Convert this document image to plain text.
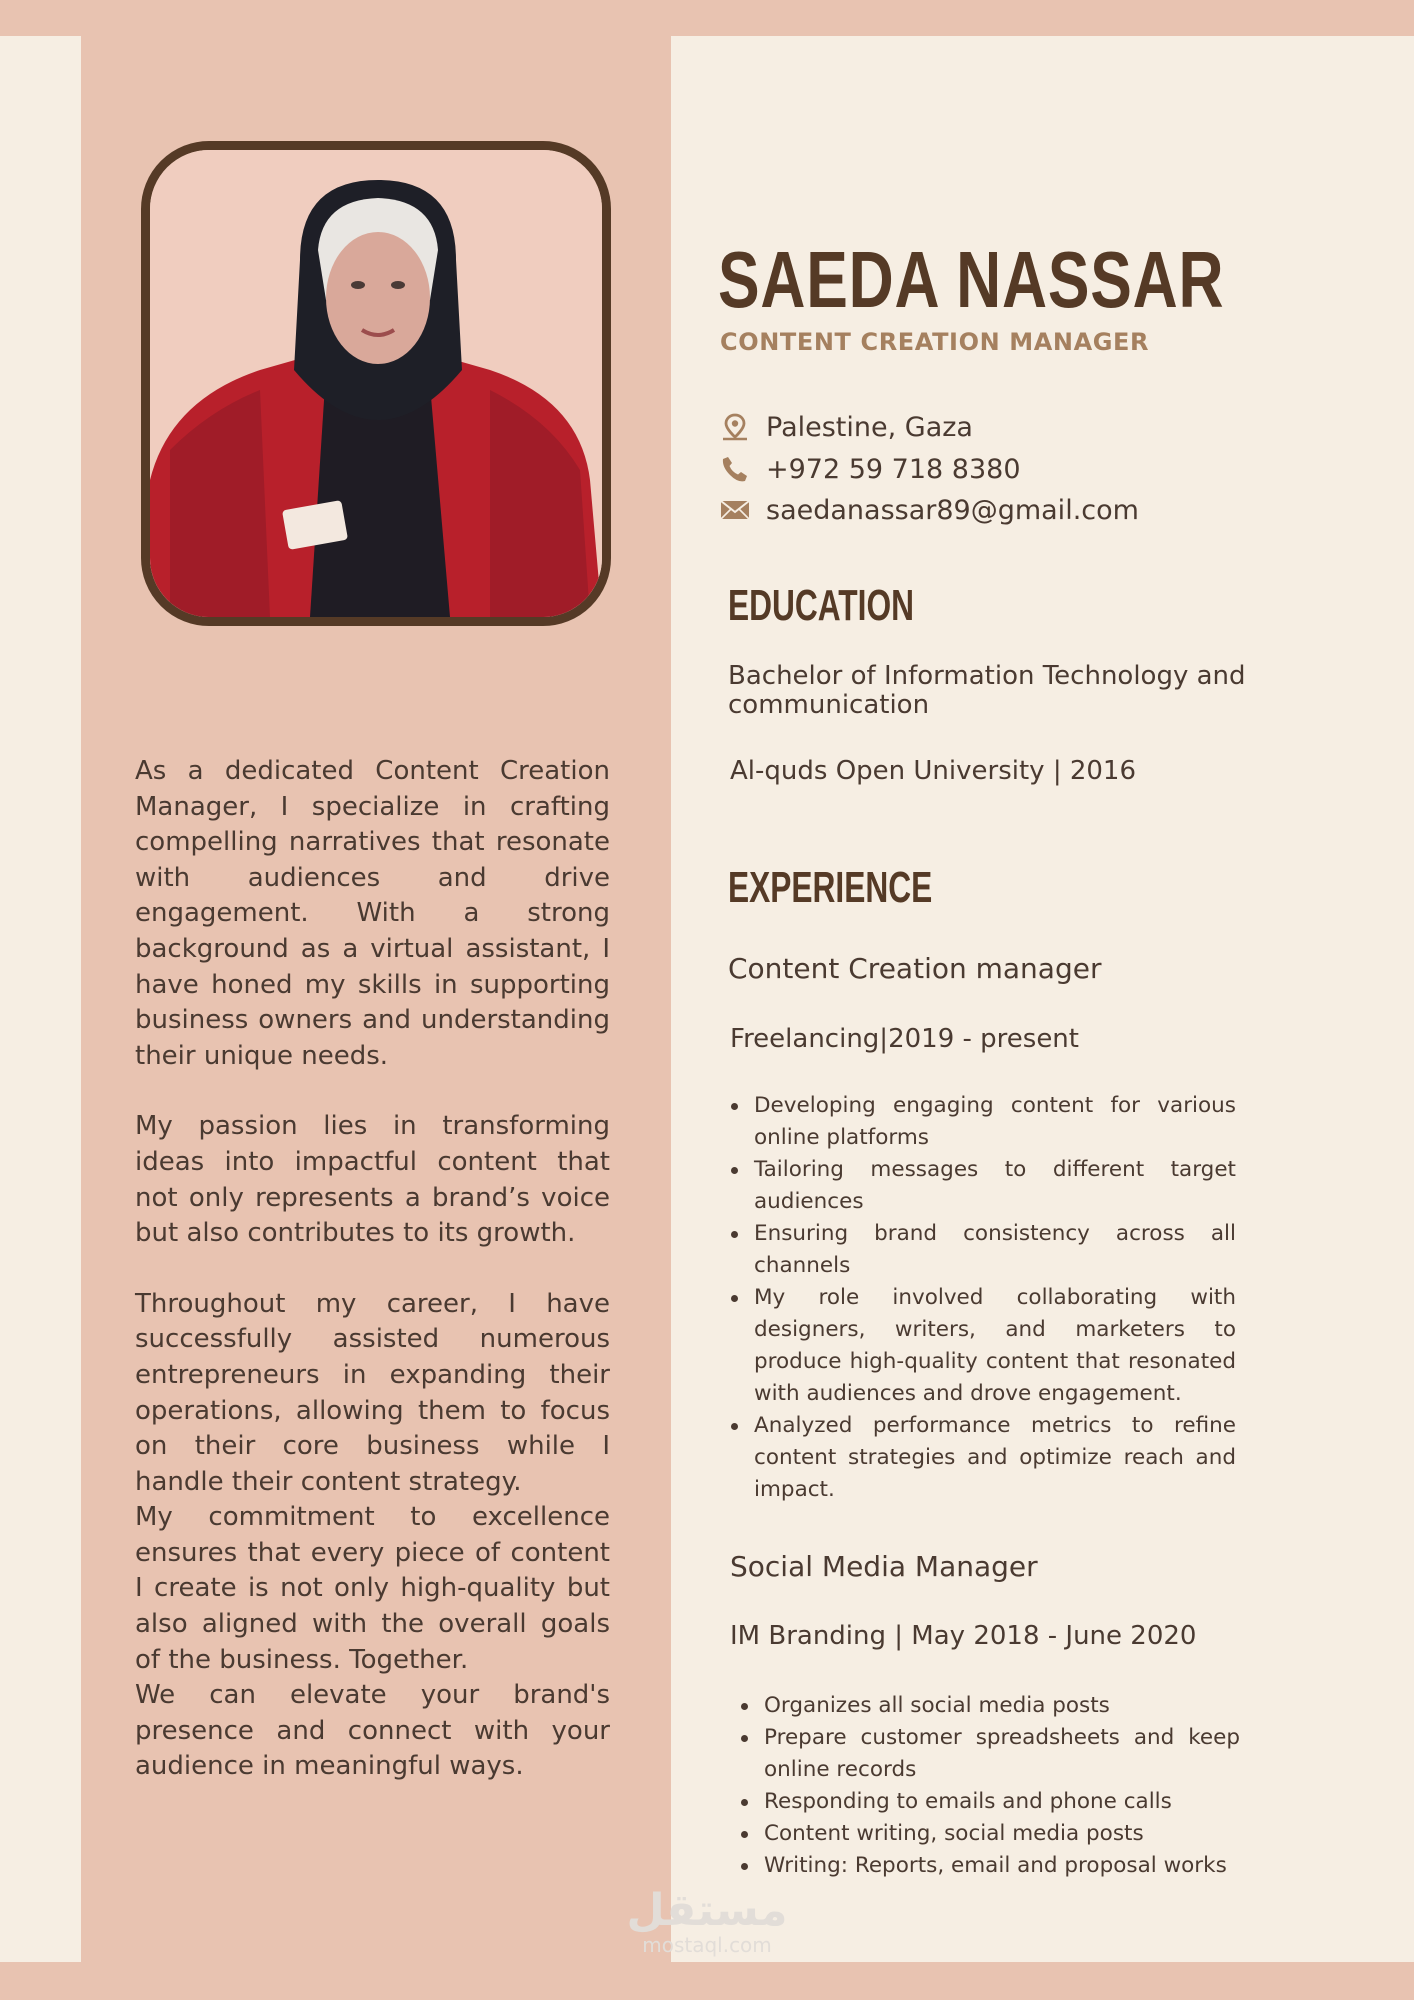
As a dedicated Content Creation Manager, I specialize in crafting compelling narratives that resonate with audiences and drive engagement. With a strong background as a virtual assistant, I have honed my skills in supporting business owners and understanding their unique needs.

My passion lies in transforming ideas into impactful content that not only represents a brand’s voice but also contributes to its growth.

Throughout my career, I have successfully assisted numerous entrepreneurs in expanding their operations, allowing them to focus on their core business while I handle their content strategy.

My commitment to excellence ensures that every piece of content I create is not only high-quality but also aligned with the overall goals of the business. Together.

We can elevate your brand's presence and connect with your audience in meaningful ways.

SAEDA NASSAR
CONTENT CREATION MANAGER
Palestine, Gaza
+972 59 718 8380
saedanassar89@gmail.com
EDUCATION
Bachelor of Information Technology and communication
Al-quds Open University | 2016
EXPERIENCE
Content Creation manager
Freelancing|2019 - present
Developing engaging content for various online platforms
Tailoring messages to different target audiences
Ensuring brand consistency across all channels
My role involved collaborating with designers, writers, and marketers to produce high-quality content that resonated with audiences and drove engagement.
Analyzed performance metrics to refine content strategies and optimize reach and impact.
Social Media Manager
IM Branding | May 2018 - June 2020
Organizes all social media posts
Prepare customer spreadsheets and keep online records
Responding to emails and phone calls
Content writing, social media posts
Writing: Reports, email and proposal works
مستقل
mostaql.com
